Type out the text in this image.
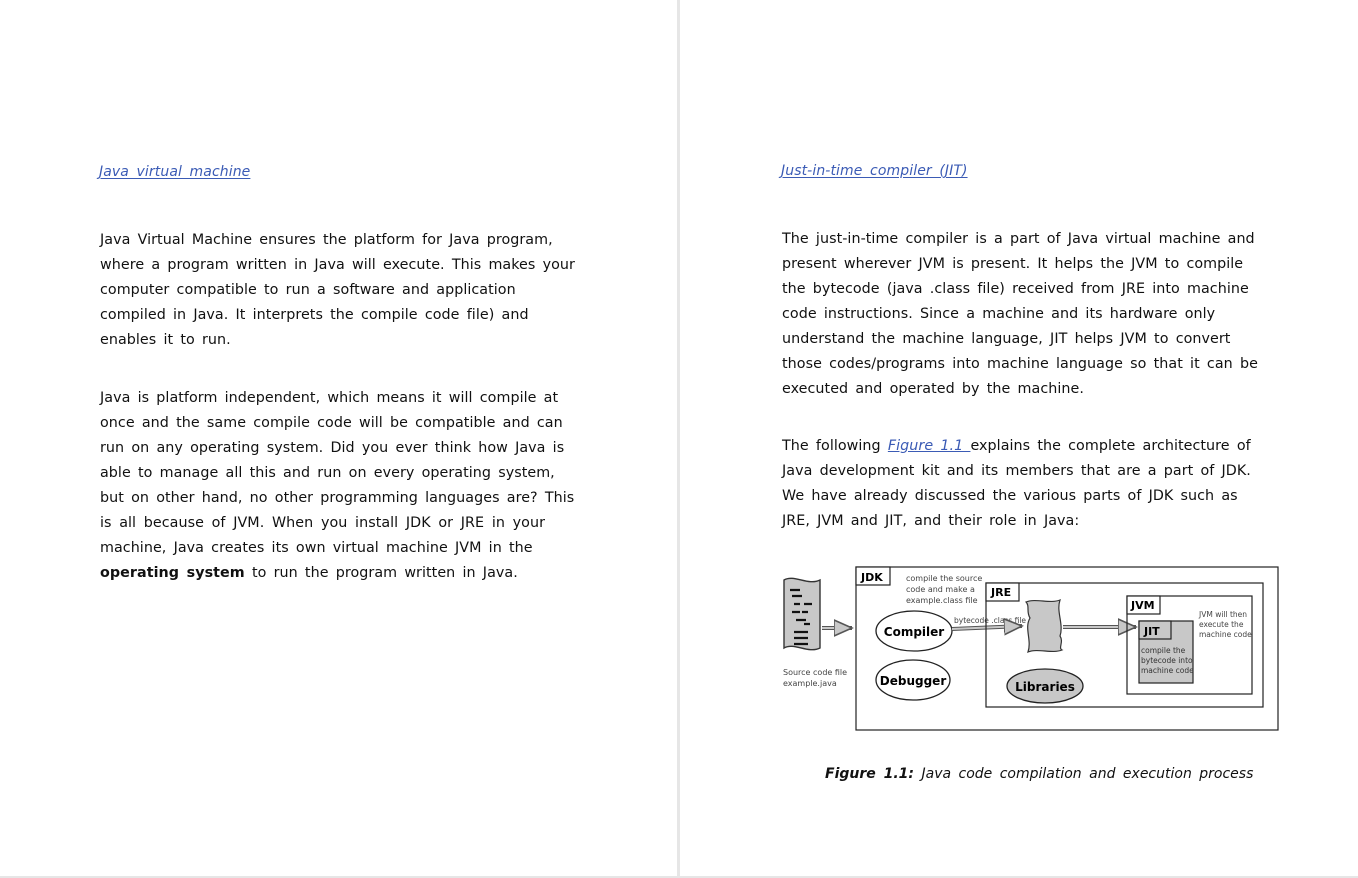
Java virtual machine
Java Virtual Machine ensures the platform for Java program,
where a program written in Java will execute. This makes your
computer compatible to run a software and application
compiled in Java. It interprets the compile code file) and
enables it to run.
Java is platform independent, which means it will compile at
once and the same compile code will be compatible and can
run on any operating system. Did you ever think how Java is
able to manage all this and run on every operating system,
but on other hand, no other programming languages are? This
is all because of JVM. When you install JDK or JRE in your
machine, Java creates its own virtual machine JVM in the
operating system to run the program written in Java.
Just-in-time compiler (JIT)
The just-in-time compiler is a part of Java virtual machine and
present wherever JVM is present. It helps the JVM to compile
the bytecode (java .class file) received from JRE into machine
code instructions. Since a machine and its hardware only
understand the machine language, JIT helps JVM to convert
those codes/programs into machine language so that it can be
executed and operated by the machine.
The following Figure 1.1 explains the complete architecture of
Java development kit and its members that are a part of JDK.
We have already discussed the various parts of JDK such as
JRE, JVM and JIT, and their role in Java:
Source code file
example.java
JDK	compile the source
code and make a
example.class file
Compiler
Debugger
bytecode .class file
JRE
Libraries
JVM
JVM will then
execute the
machine code
JIT
compile the
bytecode into
machine code
Figure 1.1: Java code compilation and execution process
